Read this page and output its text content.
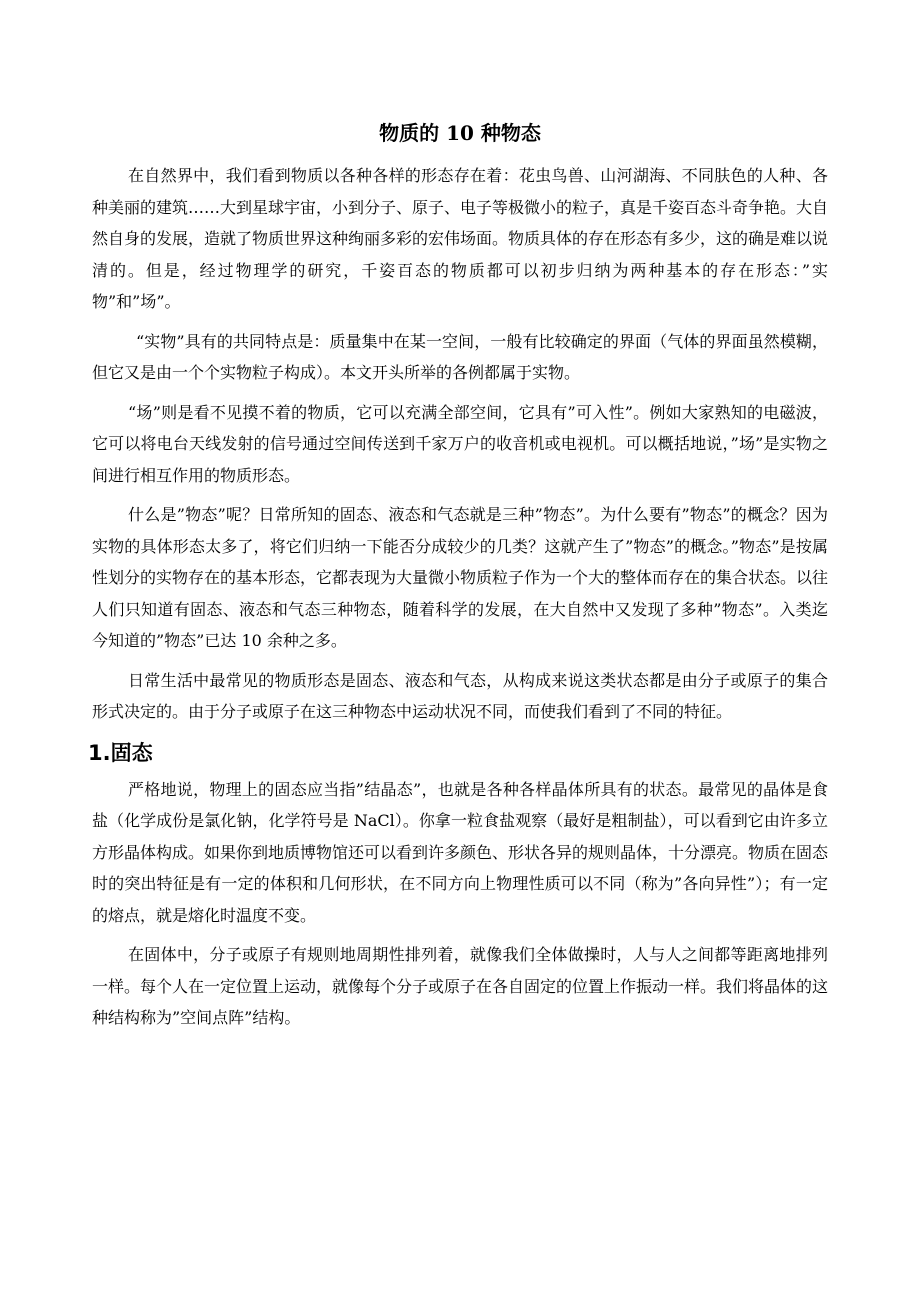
物质的 10 种物态

在自然界中，我们看到物质以各种各样的形态存在着：花虫鸟兽、山河湖海、不同肤色的人种、各种美丽的建筑……大到星球宇宙，小到分子、原子、电子等极微小的粒子，真是千姿百态斗奇争艳。大自然自身的发展，造就了物质世界这种绚丽多彩的宏伟场面。物质具体的存在形态有多少，这的确是难以说清的。但是，经过物理学的研究，千姿百态的物质都可以初步归纳为两种基本的存在形态：”实物”和”场”。

“实物”具有的共同特点是：质量集中在某一空间，一般有比较确定的界面（气体的界面虽然模糊，但它又是由一个个实物粒子构成）。本文开头所举的各例都属于实物。

“场”则是看不见摸不着的物质，它可以充满全部空间，它具有”可入性”。例如大家熟知的电磁波，它可以将电台天线发射的信号通过空间传送到千家万户的收音机或电视机。可以概括地说，”场”是实物之间进行相互作用的物质形态。

什么是”物态”呢？日常所知的固态、液态和气态就是三种”物态”。为什么要有”物态”的概念？因为实物的具体形态太多了，将它们归纳一下能否分成较少的几类？这就产生了”物态”的概念。”物态”是按属性划分的实物存在的基本形态，它都表现为大量微小物质粒子作为一个大的整体而存在的集合状态。以往人们只知道有固态、液态和气态三种物态，随着科学的发展，在大自然中又发现了多种”物态”。入类迄今知道的”物态”已达 10 余种之多。

日常生活中最常见的物质形态是固态、液态和气态，从构成来说这类状态都是由分子或原子的集合形式决定的。由于分子或原子在这三种物态中运动状况不同，而使我们看到了不同的特征。

1.固态

严格地说，物理上的固态应当指”结晶态”，也就是各种各样晶体所具有的状态。最常见的晶体是食盐（化学成份是氯化钠，化学符号是 NaCl）。你拿一粒食盐观察（最好是粗制盐），可以看到它由许多立方形晶体构成。如果你到地质博物馆还可以看到许多颜色、形状各异的规则晶体，十分漂亮。物质在固态时的突出特征是有一定的体积和几何形状，在不同方向上物理性质可以不同（称为”各向异性”）；有一定的熔点，就是熔化时温度不变。

在固体中，分子或原子有规则地周期性排列着，就像我们全体做操时，人与人之间都等距离地排列一样。每个人在一定位置上运动，就像每个分子或原子在各自固定的位置上作振动一样。我们将晶体的这种结构称为”空间点阵”结构。
